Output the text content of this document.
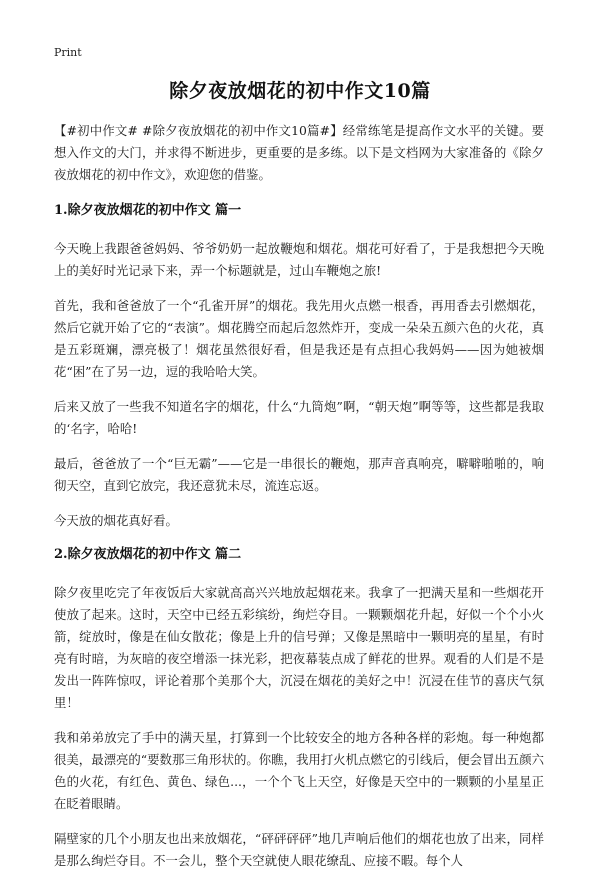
Print
除夕夜放烟花的初中作文10篇

【#初中作文# #除夕夜放烟花的初中作文10篇#】经常练笔是提高作文水平的关键。要想入作文的大门，并求得不断进步，更重要的是多练。以下是文档网为大家准备的《除夕夜放烟花的初中作文》，欢迎您的借鉴。

1.除夕夜放烟花的初中作文 篇一

今天晚上我跟爸爸妈妈、爷爷奶奶一起放鞭炮和烟花。烟花可好看了，于是我想把今天晚上的美好时光记录下来，弄一个标题就是，过山车鞭炮之旅!

首先，我和爸爸放了一个“孔雀开屏”的烟花。我先用火点燃一根香，再用香去引燃烟花，然后它就开始了它的“表演”。烟花腾空而起后忽然炸开，变成一朵朵五颜六色的火花，真是五彩斑斓，漂亮极了！烟花虽然很好看，但是我还是有点担心我妈妈——因为她被烟花“困”在了另一边，逗的我哈哈大笑。

后来又放了一些我不知道名字的烟花，什么“九筒炮”啊，“朝天炮”啊等等，这些都是我取的‘名字，哈哈!

最后，爸爸放了一个“巨无霸”——它是一串很长的鞭炮，那声音真响亮，噼噼啪啪的，响彻天空，直到它放完，我还意犹未尽，流连忘返。

今天放的烟花真好看。

2.除夕夜放烟花的初中作文 篇二

除夕夜里吃完了年夜饭后大家就高高兴兴地放起烟花来。我拿了一把满天星和一些烟花开使放了起来。这时，天空中已经五彩缤纷，绚烂夺目。一颗颗烟花升起，好似一个个小火箭，绽放时，像是在仙女散花；像是上升的信号弹；又像是黑暗中一颗明亮的星星，有时亮有时暗，为灰暗的夜空增添一抹光彩，把夜幕装点成了鲜花的世界。观看的人们是不是发出一阵阵惊叹，评论着那个美那个大，沉浸在烟花的美好之中！沉浸在佳节的喜庆气氛里！

我和弟弟放完了手中的满天星，打算到一个比较安全的地方各种各样的彩炮。每一种炮都很美，最漂亮的“要数那三角形状的。你瞧，我用打火机点燃它的引线后，便会冒出五颜六色的火花，有红色、黄色、绿色...，一个个飞上天空，好像是天空中的一颗颗的小星星正在眨着眼睛。

隔壁家的几个小朋友也出来放烟花，“砰砰砰砰”地几声响后他们的烟花也放了出来，同样是那么绚烂夺目。不一会儿，整个天空就使人眼花缭乱、应接不暇。每个人
